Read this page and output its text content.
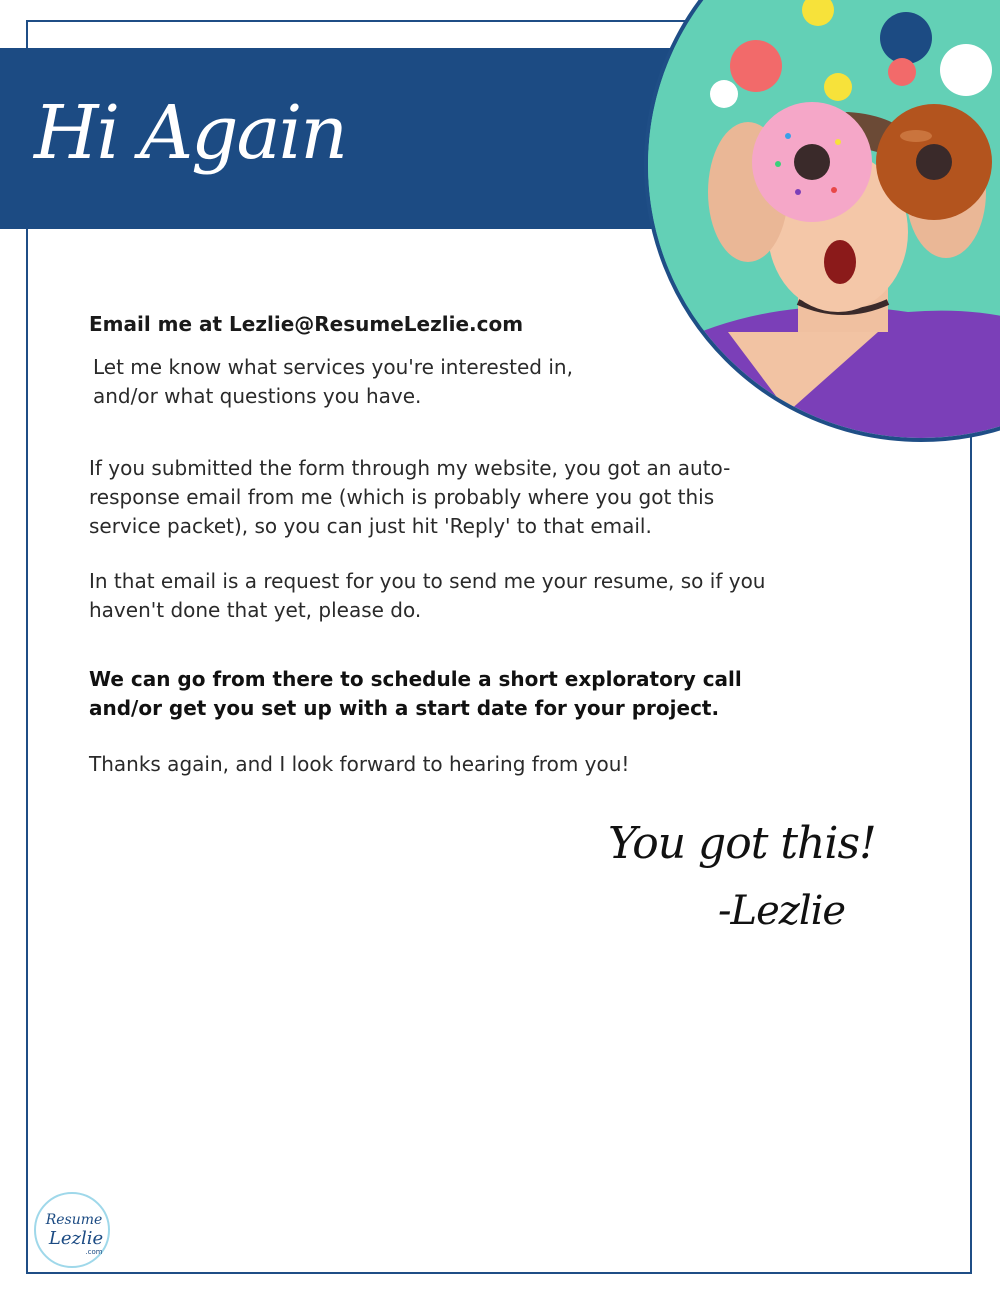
Hi Again
Wondering how to move forward?

Email me at Lezlie@ResumeLezlie.com

Let me know what services you're interested in,

and/or what questions you have.

If you submitted the form through my website, you got an auto-

response email from me (which is probably where you got this

service packet), so you can just hit 'Reply' to that email.

In that email is a request for you to send me your resume, so if you

haven't done that yet, please do.

We can go from there to schedule a short exploratory call

and/or get you set up with a start date for your project.

Thanks again, and I look forward to hearing from you!

You got this!

-Lezlie

Resume
Lezlie
.com
